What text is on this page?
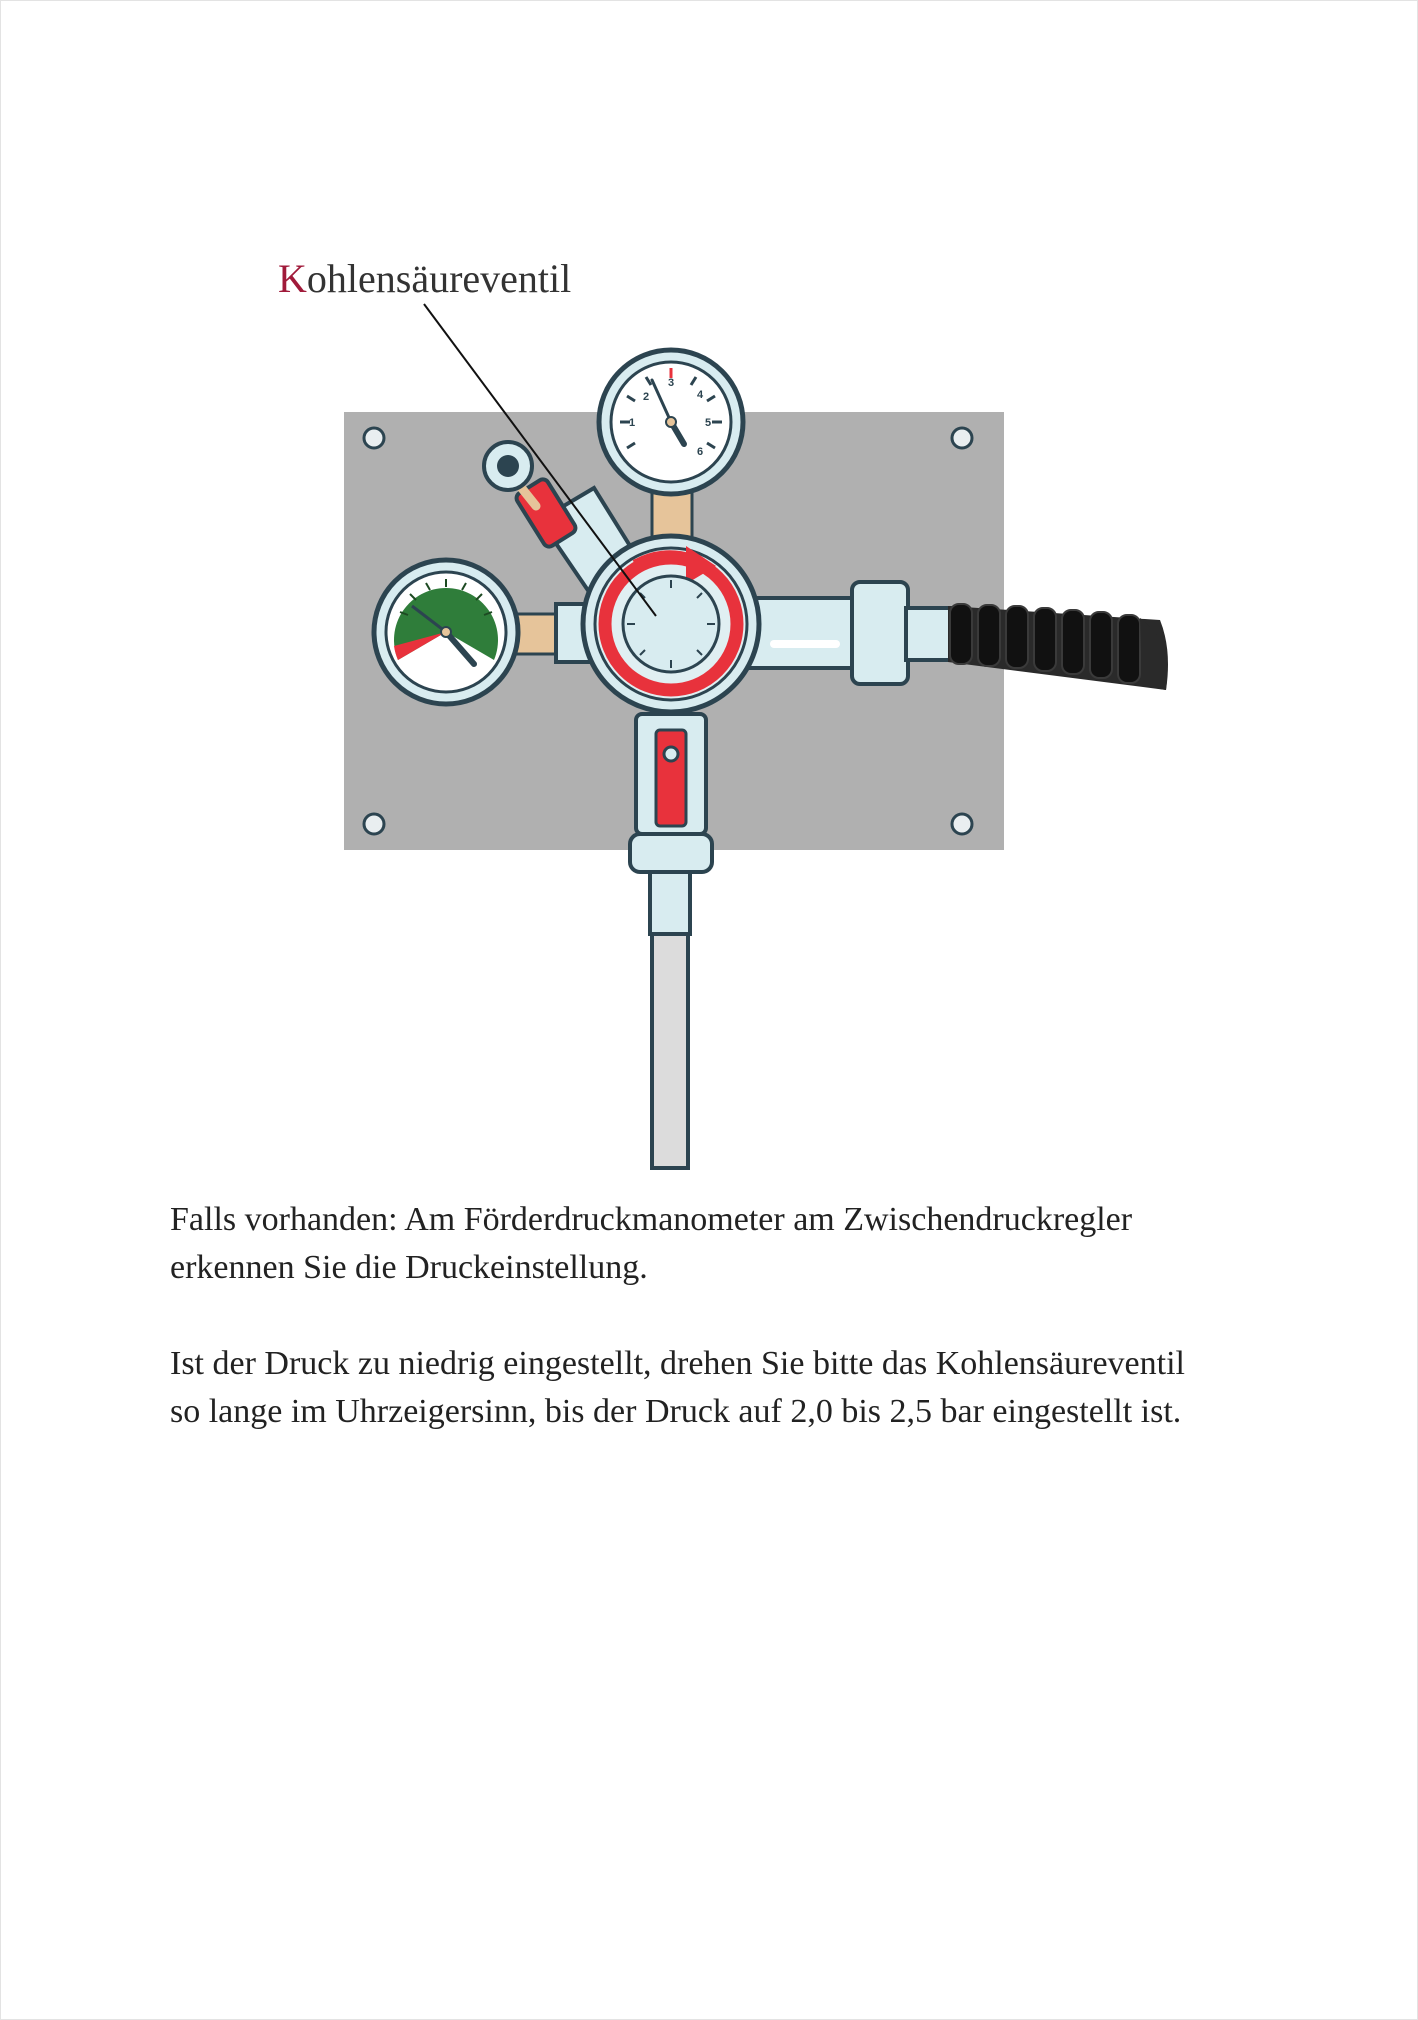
1
2
3
4
5
6
Kohlensäureventil

Falls vorhanden: Am Förderdruckmanometer am Zwischendruckregler
erkennen Sie die Druckeinstellung.

Ist der Druck zu niedrig eingestellt, drehen Sie bitte das Kohlensäureventil
so lange im Uhrzeigersinn, bis der Druck auf 2,0 bis 2,5 bar eingestellt ist.
